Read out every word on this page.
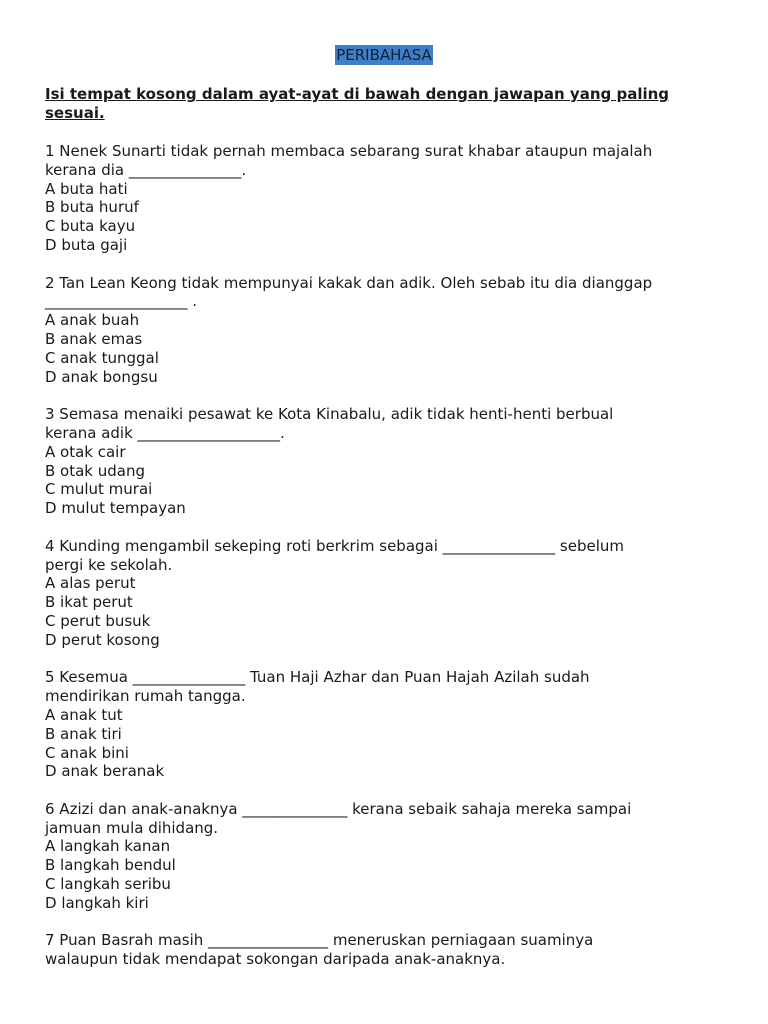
PERIBAHASA
Isi tempat kosong dalam ayat-ayat di bawah dengan jawapan yang paling sesuai.
1 Nenek Sunarti tidak pernah membaca sebarang surat khabar ataupun majalah
kerana dia _______________.
A buta hati
B buta huruf
C buta kayu
D buta gaji
2 Tan Lean Keong tidak mempunyai kakak dan adik. Oleh sebab itu dia dianggap
___________________ .
A anak buah
B anak emas
C anak tunggal
D anak bongsu
3 Semasa menaiki pesawat ke Kota Kinabalu, adik tidak henti-henti berbual
kerana adik ___________________.
A otak cair
B otak udang
C mulut murai
D mulut tempayan
4 Kunding mengambil sekeping roti berkrim sebagai _______________ sebelum
pergi ke sekolah.
A alas perut
B ikat perut
C perut busuk
D perut kosong
5 Kesemua _______________ Tuan Haji Azhar dan Puan Hajah Azilah sudah
mendirikan rumah tangga.
A anak tut
B anak tiri
C anak bini
D anak beranak
6 Azizi dan anak-anaknya ______________ kerana sebaik sahaja mereka sampai
jamuan mula dihidang.
A langkah kanan
B langkah bendul
C langkah seribu
D langkah kiri
7 Puan Basrah masih ________________ meneruskan perniagaan suaminya
walaupun tidak mendapat sokongan daripada anak-anaknya.
